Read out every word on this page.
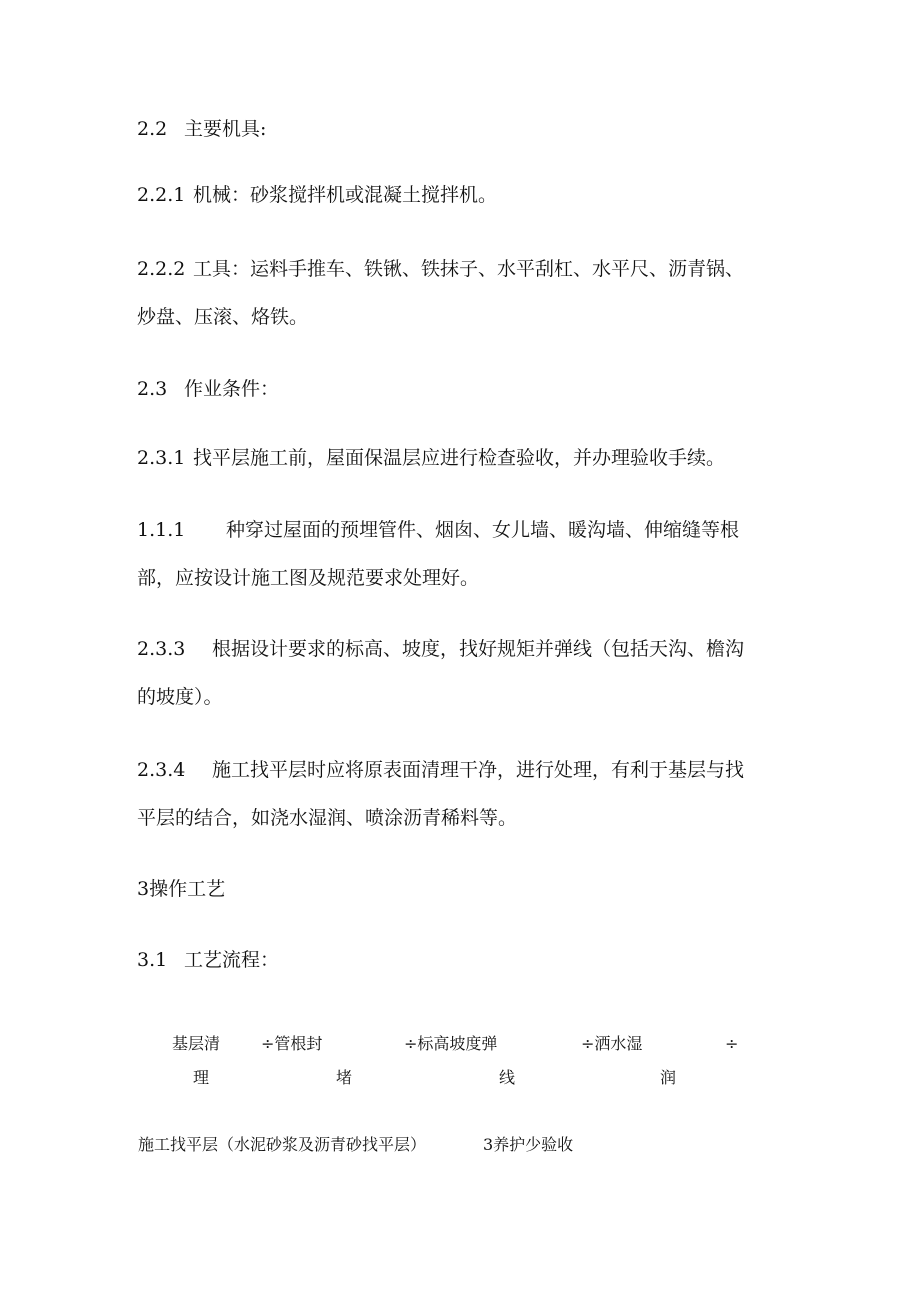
2.2 主要机具:
2.2.1 机械：砂浆搅拌机或混凝土搅拌机。
2.2.2 工具：运料手推车、铁锹、铁抹子、水平刮杠、水平尺、沥青锅、
炒盘、压滚、烙铁。
2.3 作业条件：
2.3.1 找平层施工前，屋面保温层应进行检查验收，并办理验收手续。
1.1.1 种穿过屋面的预埋管件、烟囱、女儿墙、暖沟墙、伸缩缝等根
部，应按设计施工图及规范要求处理好。
2.3.3 根据设计要求的标高、坡度，找好规矩并弹线（包括天沟、檐沟
的坡度）。
2.3.4 施工找平层时应将原表面清理干净，进行处理，有利于基层与找
平层的结合，如浇水湿润、喷涂沥青稀料等。
3操作工艺
3.1 工艺流程：
基层清
理
÷管根封
堵
÷标高坡度弹
线
÷洒水湿
润
÷
施工找平层（水泥砂浆及沥青砂找平层）	3养护少验收
